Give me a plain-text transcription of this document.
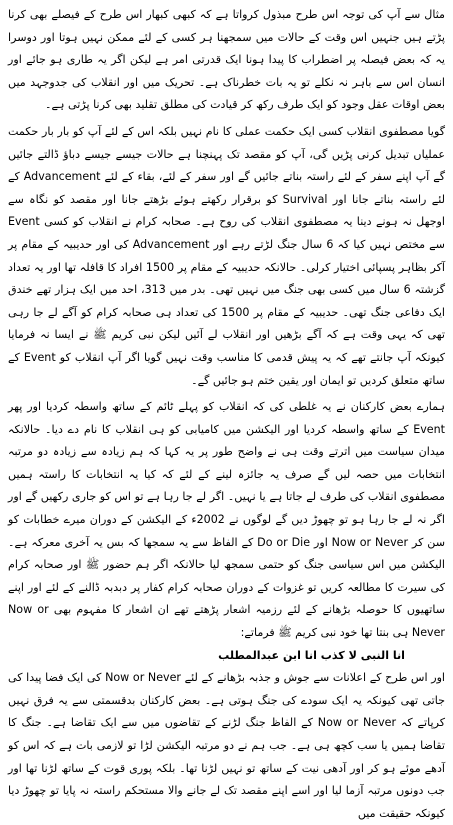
مثال سے آپ کی توجہ اس طرح مبذول کرواتا ہے کہ کبھی کبھار اس طرح کے فیصلے بھی کرنا پڑتے ہیں جنہیں اس وقت کے حالات میں سمجھنا ہر کسی کے لئے ممکن نہیں ہوتا اور دوسرا یہ کہ بعض فیصلہ پر اضطراب کا پیدا ہونا ایک قدرتی امر ہے لیکن اگر یہ طاری ہو جائے اور انسان اس سے باہر نہ نکلے تو یہ بات خطرناک ہے۔ تحریک میں اور انقلاب کی جدوجہد میں بعض اوقات عقل وجود کو ایک طرف رکھ کر قیادت کی مطلق تقلید بھی کرنا پڑتی ہے۔

گویا مصطفوی انقلاب کسی ایک حکمت عملی کا نام نہیں بلکہ اس کے لئے آپ کو بار بار حکمت عملیاں تبدیل کرنی پڑیں گی، آپ کو مقصد تک پہنچنا ہے حالات جیسے جیسے دباؤ ڈالتے جائیں گے آپ اپنے سفر کے لئے راستہ بناتے جائیں گے اور سفر کے لئے، بقاء کے لئے Advancement کے لئے راستہ بناتے جانا اور Survival کو برقرار رکھتے ہوئے بڑھتے جانا اور مقصد کو نگاہ سے اوجھل نہ ہونے دینا یہ مصطفوی انقلاب کی روح ہے۔ صحابہ کرام نے انقلاب کو کسی Event سے مختص نہیں کیا کہ 6 سال جنگ لڑتے رہے اور Advancement کی اور حدیبیہ کے مقام پر آکر بظاہر پسپائی اختیار کرلی۔ حالانکہ حدیبیہ کے مقام پر 1500 افراد کا قافلہ تھا اور یہ تعداد گزشتہ 6 سال میں کسی بھی جنگ میں نہیں تھی۔ بدر میں 313، احد میں ایک ہزار تھے خندق ایک دفاعی جنگ تھی۔ حدیبیہ کے مقام پر 1500 کی تعداد ہی صحابہ کرام کو آگے لے جا رہی تھی کہ یہی وقت ہے کہ آگے بڑھیں اور انقلاب لے آئیں لیکن نبی کریم ﷺ نے ایسا نہ فرمایا کیونکہ آپ جانتے تھے کہ یہ پیش قدمی کا مناسب وقت نہیں گویا اگر آپ انقلاب کو Event کے ساتھ متعلق کردیں تو ایمان اور یقین ختم ہو جائیں گے۔

ہمارے بعض کارکنان نے یہ غلطی کی کہ انقلاب کو پہلے ٹائم کے ساتھ واسطہ کردیا اور پھر Event کے ساتھ واسطہ کردیا اور الیکشن میں کامیابی کو ہی انقلاب کا نام دے دیا۔ حالانکہ میدان سیاست میں اترتے وقت ہی نے واضح طور پر یہ کہا کہ ہم زیادہ سے زیادہ دو مرتبہ انتخابات میں حصہ لیں گے صرف یہ جائزہ لینے کے لئے کہ کیا یہ انتخابات کا راستہ ہمیں مصطفوی انقلاب کی طرف لے جاتا ہے یا نہیں۔ اگر لے جا رہا ہے تو اس کو جاری رکھیں گے اور اگر نہ لے جا رہا ہو تو چھوڑ دیں گے لوگوں نے 2002ء کے الیکشن کے دوران میرے خطابات کو سن کر Now or Never اور Do or Die کے الفاظ سے یہ سمجھا کہ بس یہ آخری معرکہ ہے۔ الیکشن میں اس سیاسی جنگ کو حتمی سمجھ لیا حالانکہ اگر ہم حضور ﷺ اور صحابہ کرام کی سیرت کا مطالعہ کریں تو غزوات کے دوران صحابہ کرام کفار پر دبدبہ ڈالنے کے لئے اور اپنے ساتھیوں کا حوصلہ بڑھانے کے لئے رزمیہ اشعار پڑھتے تھے ان اشعار کا مفہوم بھی Now or Never ہی بنتا تھا خود نبی کریم ﷺ فرماتے:

انا النبی لا کذب انا ابن عبدالمطلب

اور اس طرح کے اعلانات سے جوش و جذبہ بڑھانے کے لئے Now or Never کی ایک فضا پیدا کی جاتی تھی کیونکہ یہ ایک سودے کی جنگ ہوتی ہے۔ بعض کارکنان بدقسمتی سے یہ فرق نہیں کرپاتے کہ Now or Never کے الفاظ جنگ لڑنے کے تقاضوں میں سے ایک تقاضا ہے۔ جنگ کا تقاضا ہمیں یا سب کچھ ہی ہے۔ جب ہم نے دو مرتبہ الیکشن لڑا تو لازمی بات ہے کہ اس کو آدھے موئے ہو کر اور آدھی نیت کے ساتھ تو نہیں لڑنا تھا۔ بلکہ پوری قوت کے ساتھ لڑنا تھا اور جب دونوں مرتبہ آزما لیا اور اسے اپنے مقصد تک لے جانے والا مستحکم راستہ نہ پایا تو چھوڑ دیا کیونکہ حقیقت میں
